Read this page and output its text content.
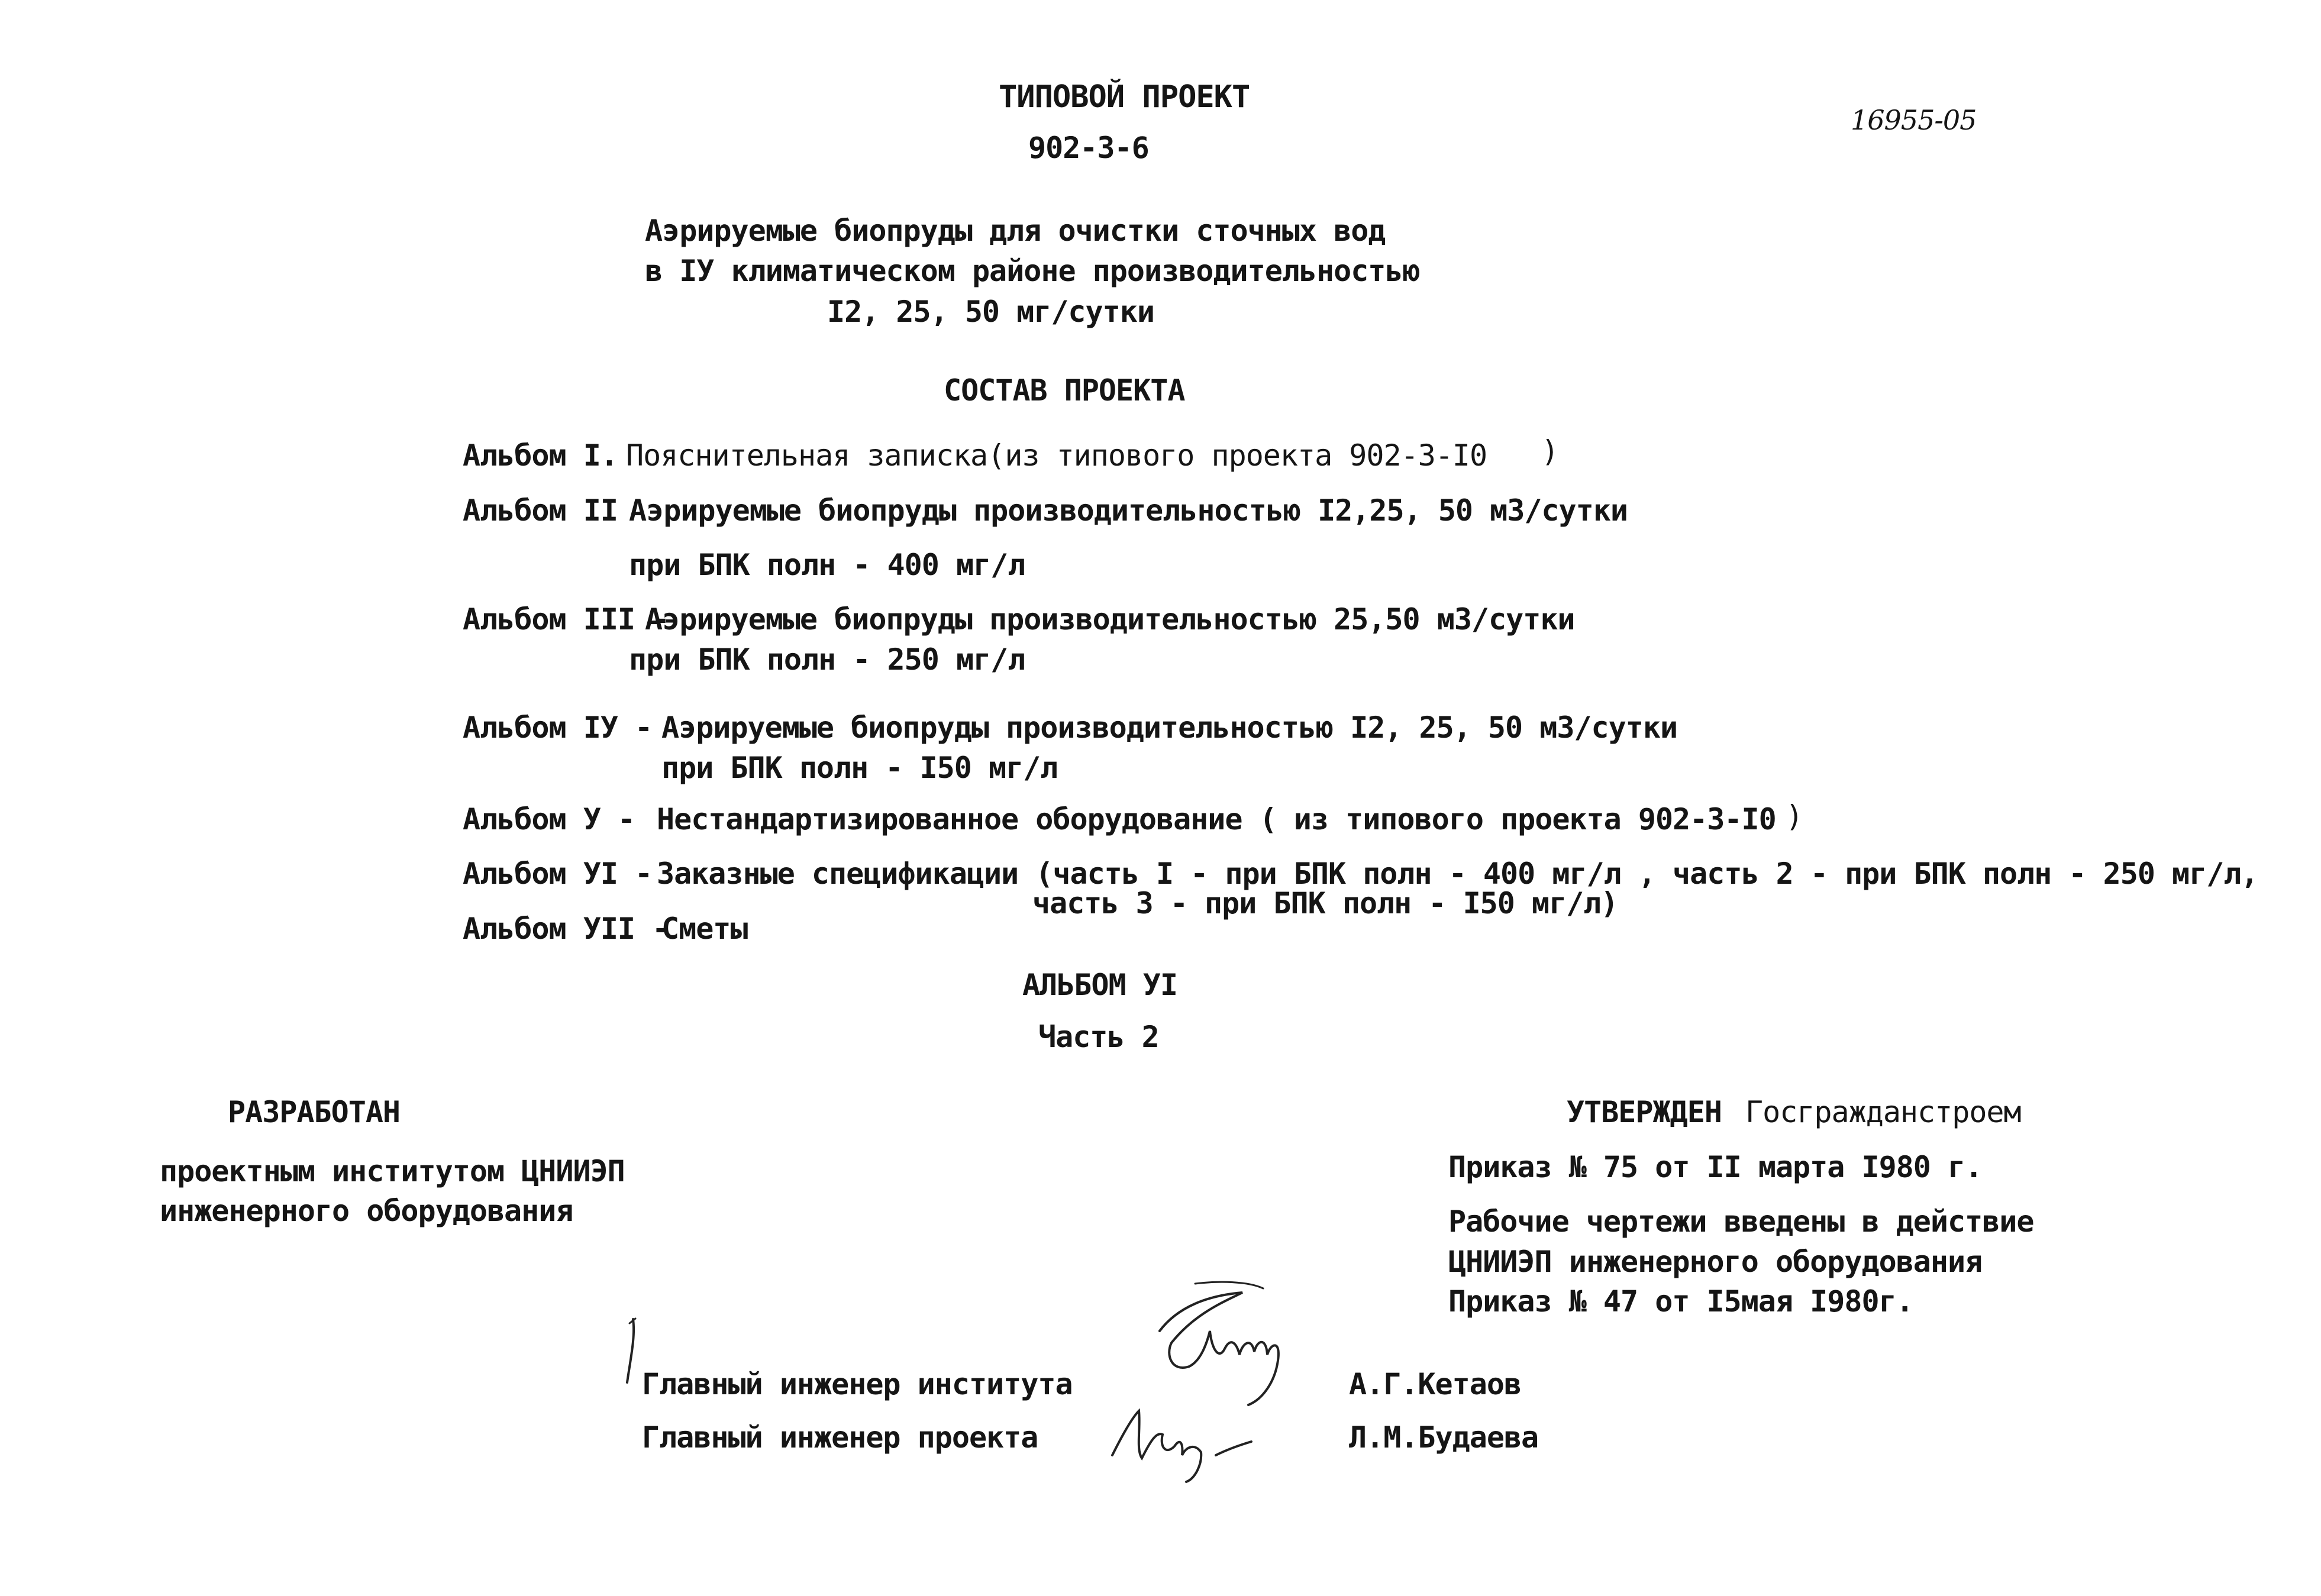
ТИПОВОЙ ПРОЕКТ
902-3-6
16955-05
Аэрируемые биопруды для очистки сточных вод
в IУ климатическом районе производительностью
I2, 25, 50 мг/сутки
СОСТАВ ПРОЕКТА
Альбом I. Пояснительная записка(из типового проекта 902-3-I0 )
Альбом II Аэрируемые биопруды производительностью I2,25, 50 м3/сутки
при БПК полн - 400 мг/л
Альбом III -
Аэрируемые биопруды производительностью 25,50 м3/сутки
при БПК полн - 250 мг/л
Альбом IУ - Аэрируемые биопруды производительностью I2, 25, 50 м3/сутки
при БПК полн - I50 мг/л
Альбом У - Нестандартизированное оборудование ( из типового проекта 902-3-I0 )
Альбом УI - Заказные спецификации (часть I - при БПК полн - 400 мг/л , часть 2 - при БПК полн - 250 мг/л,
часть 3 - при БПК полн - I50 мг/л)
Альбом УII -
Сметы
АЛЬБОМ УI
Часть 2
РАЗРАБОТАН
проектным институтом ЦНИИЭП
инженерного оборудования
УТВЕРЖДЕН Госгражданстроем
Приказ № 75 от II марта I980 г.
Рабочие чертежи введены в действие
ЦНИИЭП инженерного оборудования
Приказ № 47 от I5мая I980г.
Главный инженер института	А.Г.Кетаов
Главный инженер проекта	Л.М.Будаева
